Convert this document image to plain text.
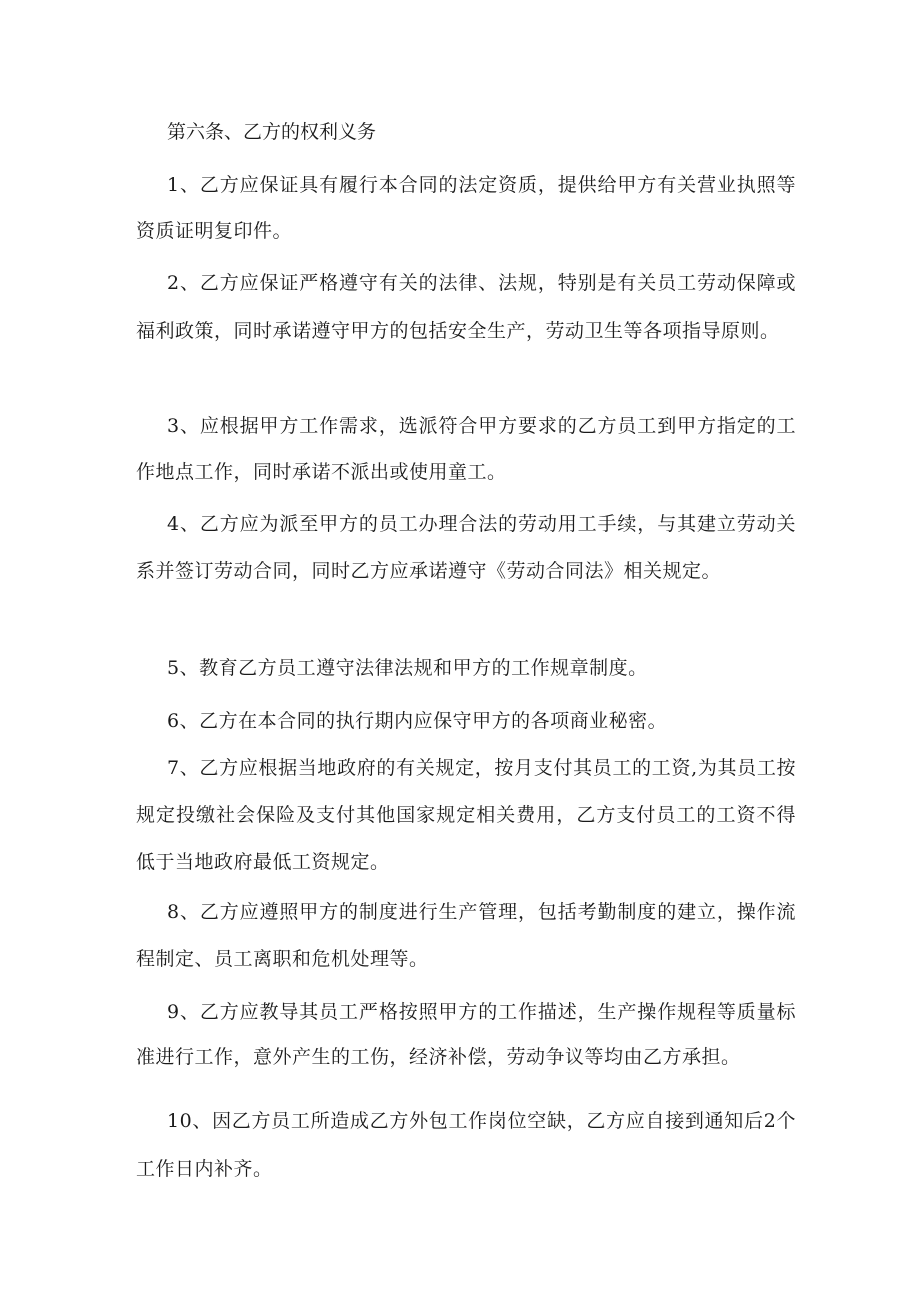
第六条、乙方的权利义务

1、乙方应保证具有履行本合同的法定资质，提供给甲方有关营业执照等资质证明复印件。

2、乙方应保证严格遵守有关的法律、法规，特别是有关员工劳动保障或福利政策，同时承诺遵守甲方的包括安全生产，劳动卫生等各项指导原则。

3、应根据甲方工作需求，选派符合甲方要求的乙方员工到甲方指定的工作地点工作，同时承诺不派出或使用童工。

4、乙方应为派至甲方的员工办理合法的劳动用工手续，与其建立劳动关系并签订劳动合同，同时乙方应承诺遵守《劳动合同法》相关规定。

5、教育乙方员工遵守法律法规和甲方的工作规章制度。

6、乙方在本合同的执行期内应保守甲方的各项商业秘密。

7、乙方应根据当地政府的有关规定，按月支付其员工的工资,为其员工按规定投缴社会保险及支付其他国家规定相关费用，乙方支付员工的工资不得低于当地政府最低工资规定。

8、乙方应遵照甲方的制度进行生产管理，包括考勤制度的建立，操作流程制定、员工离职和危机处理等。

9、乙方应教导其员工严格按照甲方的工作描述，生产操作规程等质量标准进行工作，意外产生的工伤，经济补偿，劳动争议等均由乙方承担。

10、因乙方员工所造成乙方外包工作岗位空缺，乙方应自接到通知后2个工作日内补齐。
